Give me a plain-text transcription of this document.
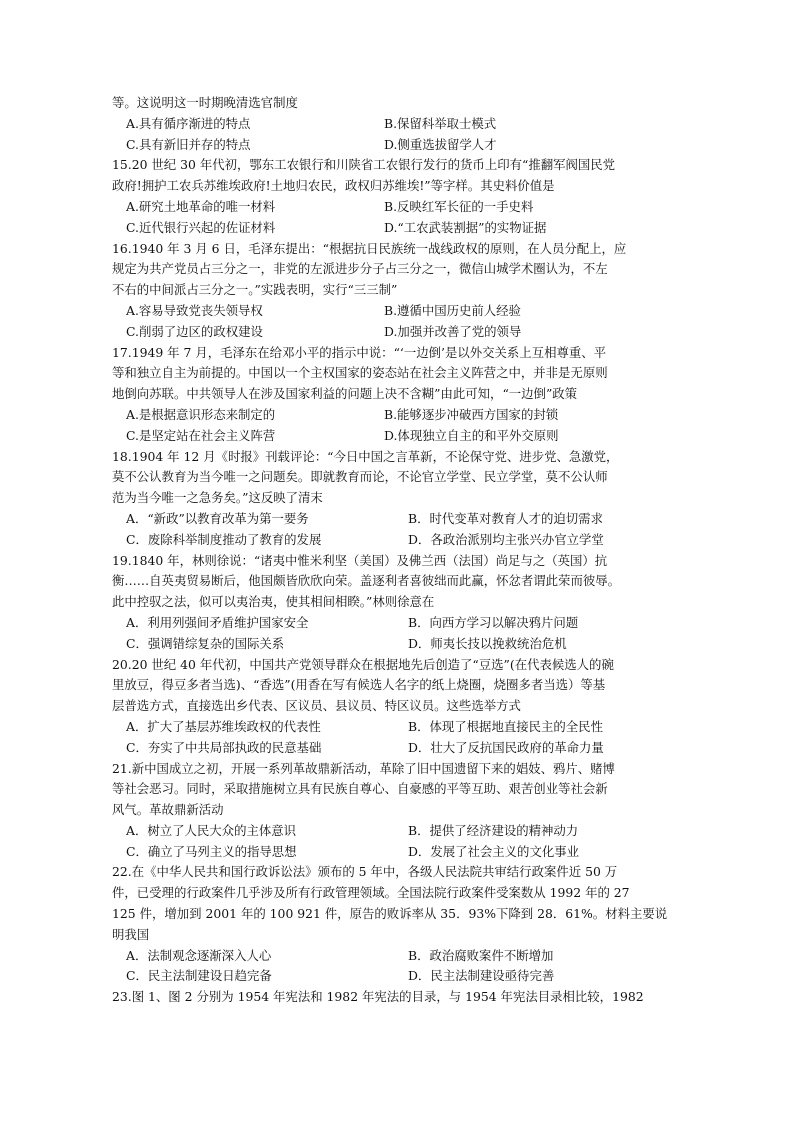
等。这说明这一时期晚清选官制度
A.具有循序渐进的特点	B.保留科举取士模式
C.具有新旧并存的特点	D.侧重选拔留学人才
15.20 世纪 30 年代初，鄂东工农银行和川陕省工农银行发行的货币上印有“推翻军阀国民党
政府!拥护工农兵苏维埃政府!土地归农民，政权归苏维埃!”等字样。其史料价值是
A.研究土地革命的唯一材料	B.反映红军长征的一手史料
C.近代银行兴起的佐证材料	D.“工农武装割据”的实物证据
16.1940 年 3 月 6 日，毛泽东提出：“根据抗日民族统一战线政权的原则，在人员分配上，应
规定为共产党员占三分之一，非党的左派进步分子占三分之一，微信山城学术圈认为，不左
不右的中间派占三分之一。”实践表明，实行“三三制”
A.容易导致党丧失领导权	B.遵循中国历史前人经验
C.削弱了边区的政权建设	D.加强并改善了党的领导
17.1949 年 7 月，毛泽东在给邓小平的指示中说：“‘一边倒’是以外交关系上互相尊重、平
等和独立自主为前提的。中国以一个主权国家的姿态站在社会主义阵营之中，并非是无原则
地倒向苏联。中共领导人在涉及国家利益的问题上决不含糊”由此可知，“一边倒”政策
A.是根据意识形态来制定的	B.能够逐步冲破西方国家的封锁
C.是坚定站在社会主义阵营	D.体现独立自主的和平外交原则
18.1904 年 12 月《时报》刊载评论：“今日中国之言革新，不论保守党、进步党、急激党，
莫不公认教育为当今唯一之问题矣。即就教育而论，不论官立学堂、民立学堂，莫不公认师
范为当今唯一之急务矣。”这反映了清末
A．“新政”以教育改革为第一要务	B．时代变革对教育人才的迫切需求
C．废除科举制度推动了教育的发展	D．各政治派别均主张兴办官立学堂
19.1840 年，林则徐说：“诸夷中惟米利坚（美国）及佛兰西（法国）尚足与之（英国）抗
衡……自英夷贸易断后，他国颇皆欣欣向荣。盖逐利者喜彼绌而此赢，怀忿者谓此荣而彼辱。
此中控驭之法，似可以夷治夷，使其相间相睽。”林则徐意在
A．利用列强间矛盾维护国家安全	B．向西方学习以解决鸦片问题
C．强调错综复杂的国际关系	D．师夷长技以挽救统治危机
20.20 世纪 40 年代初，中国共产党领导群众在根据地先后创造了“豆选”(在代表候选人的碗
里放豆，得豆多者当选)、“香选”(用香在写有候选人名字的纸上烧圈，烧圈多者当选）等基
层普选方式，直接选出乡代表、区议员、县议员、特区议员。这些选举方式
A．扩大了基层苏维埃政权的代表性	B．体现了根据地直接民主的全民性
C．夯实了中共局部执政的民意基础	D．壮大了反抗国民政府的革命力量
21.新中国成立之初，开展一系列革故鼎新活动，革除了旧中国遗留下来的娼妓、鸦片、赌博
等社会恶习。同时，采取措施树立具有民族自尊心、自豪感的平等互助、艰苦创业等社会新
风气。革故鼎新活动
A．树立了人民大众的主体意识	B．提供了经济建设的精神动力
C．确立了马列主义的指导思想	D．发展了社会主义的文化事业
22.在《中华人民共和国行政诉讼法》颁布的 5 年中，各级人民法院共审结行政案件近 50 万
件，已受理的行政案件几乎涉及所有行政管理领域。全国法院行政案件受案数从 1992 年的 27
125 件，增加到 2001 年的 100 921 件，原告的败诉率从 35．93%下降到 28．61%。材料主要说
明我国
A．法制观念逐渐深入人心	B．政治腐败案件不断增加
C．民主法制建设日趋完备	D．民主法制建设亟待完善
23.图 1、图 2 分别为 1954 年宪法和 1982 年宪法的目录，与 1954 年宪法目录相比较，1982
